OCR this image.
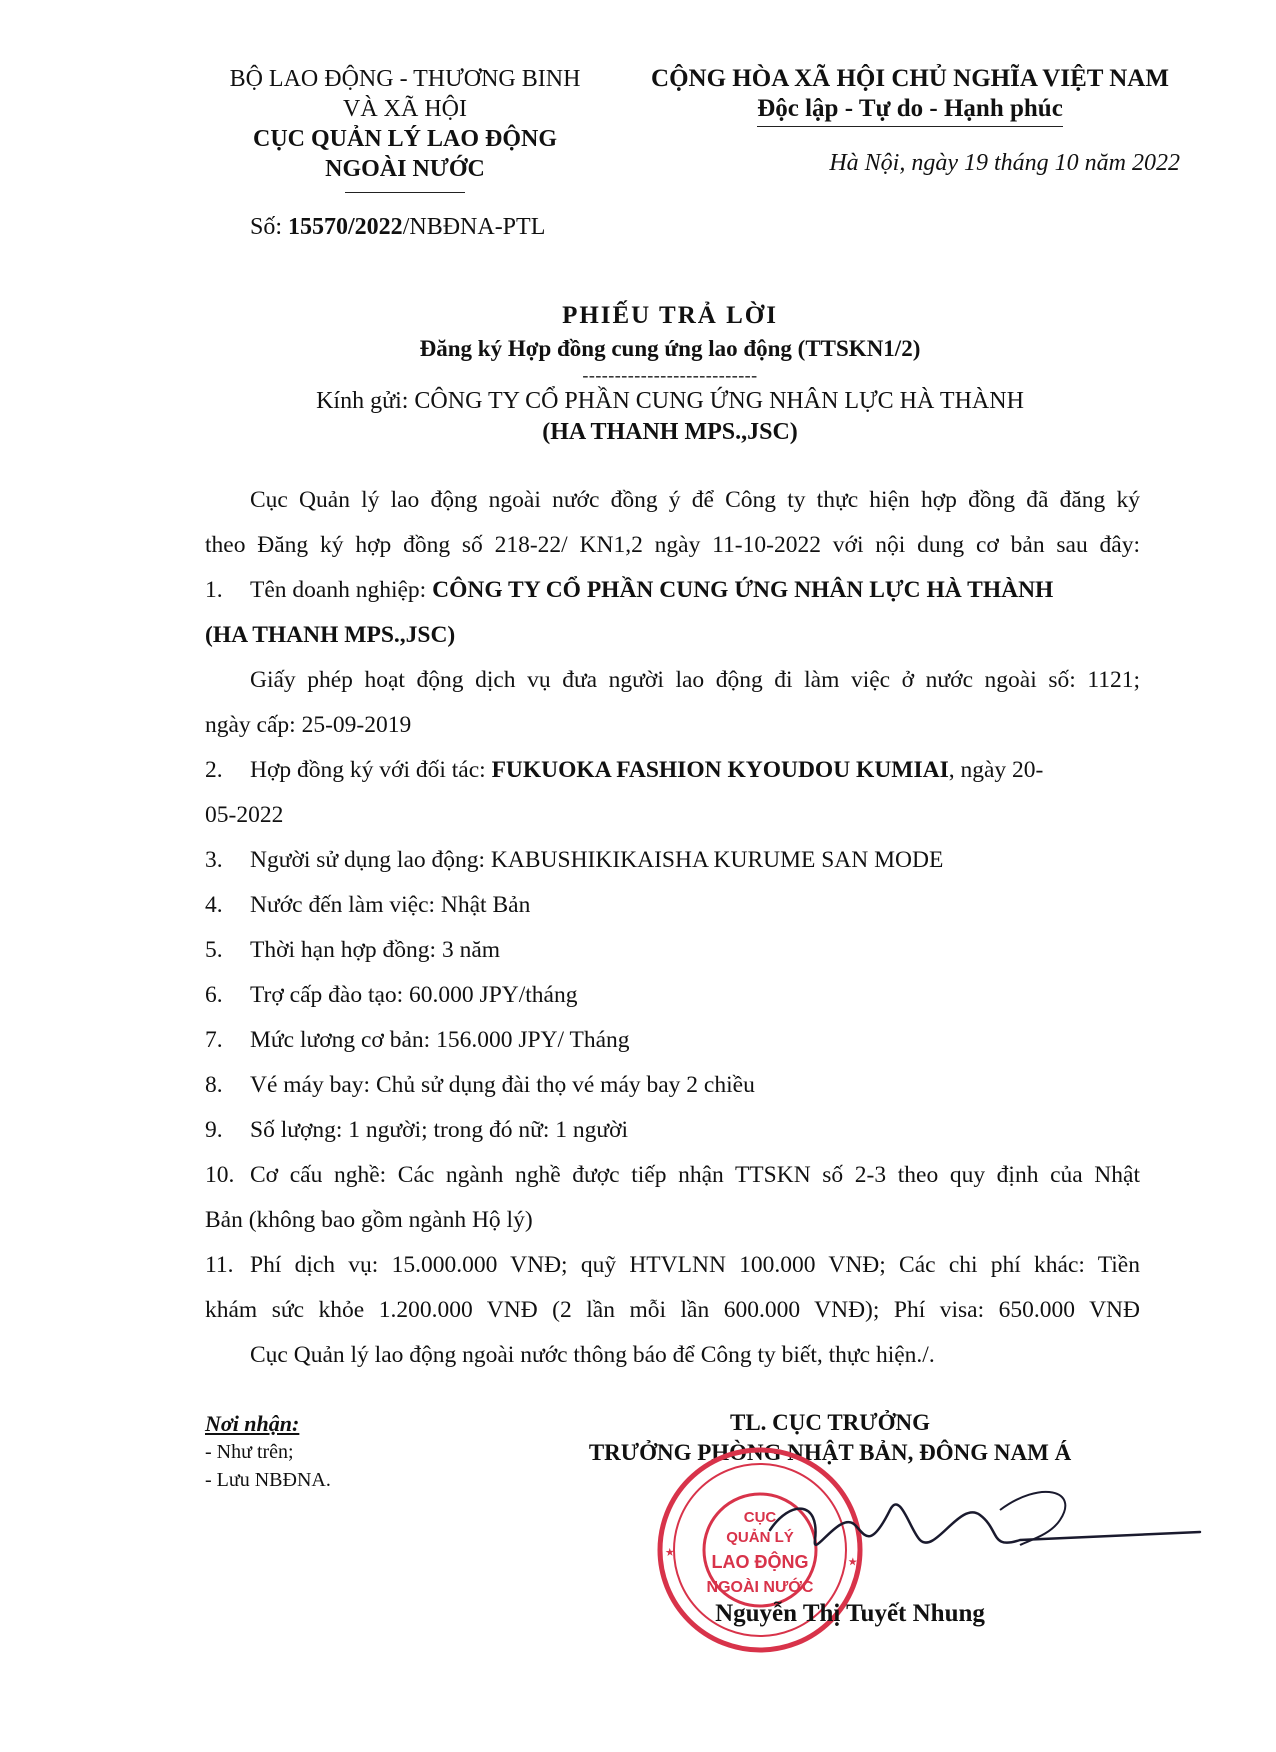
BỘ LAO ĐỘNG - THƯƠNG BINH
VÀ XÃ HỘI
CỤC QUẢN LÝ LAO ĐỘNG
NGOÀI NƯỚC
CỘNG HÒA XÃ HỘI CHỦ NGHĨA VIỆT NAM
Độc lập - Tự do - Hạnh phúc
Hà Nội, ngày 19 tháng 10 năm 2022
Số: 15570/2022/NBĐNA-PTL
PHIẾU TRẢ LỜI
Đăng ký Hợp đồng cung ứng lao động (TTSKN1/2)
---------------------------
Kính gửi: CÔNG TY CỔ PHẦN CUNG ỨNG NHÂN LỰC HÀ THÀNH
(HA THANH MPS.,JSC)
Cục Quản lý lao động ngoài nước đồng ý để Công ty thực hiện hợp đồng đã đăng ký
theo Đăng ký hợp đồng số 218-22/ KN1,2 ngày 11-10-2022 với nội dung cơ bản sau đây:
1. Tên doanh nghiệp: CÔNG TY CỔ PHẦN CUNG ỨNG NHÂN LỰC HÀ THÀNH
(HA THANH MPS.,JSC)
Giấy phép hoạt động dịch vụ đưa người lao động đi làm việc ở nước ngoài số: 1121;
ngày cấp: 25-09-2019
2. Hợp đồng ký với đối tác: FUKUOKA FASHION KYOUDOU KUMIAI, ngày 20-
05-2022
3. Người sử dụng lao động: KABUSHIKIKAISHA KURUME SAN MODE
4. Nước đến làm việc: Nhật Bản
5. Thời hạn hợp đồng: 3 năm
6. Trợ cấp đào tạo: 60.000 JPY/tháng
7. Mức lương cơ bản: 156.000 JPY/ Tháng
8. Vé máy bay: Chủ sử dụng đài thọ vé máy bay 2 chiều
9. Số lượng: 1 người; trong đó nữ: 1 người
10. Cơ cấu nghề: Các ngành nghề được tiếp nhận TTSKN số 2-3 theo quy định của Nhật
Bản (không bao gồm ngành Hộ lý)
11. Phí dịch vụ: 15.000.000 VNĐ; quỹ HTVLNN 100.000 VNĐ; Các chi phí khác: Tiền
khám sức khỏe 1.200.000 VNĐ (2 lần mỗi lần 600.000 VNĐ); Phí visa: 650.000 VNĐ
Cục Quản lý lao động ngoài nước thông báo để Công ty biết, thực hiện./.
Nơi nhận:
- Như trên;
- Lưu NBĐNA.
TL. CỤC TRƯỞNG
TRƯỞNG PHÒNG NHẬT BẢN, ĐÔNG NAM Á
CỤC
QUẢN LÝ
LAO ĐỘNG
NGOÀI NƯỚC
★
★
Nguyễn Thị Tuyết Nhung
